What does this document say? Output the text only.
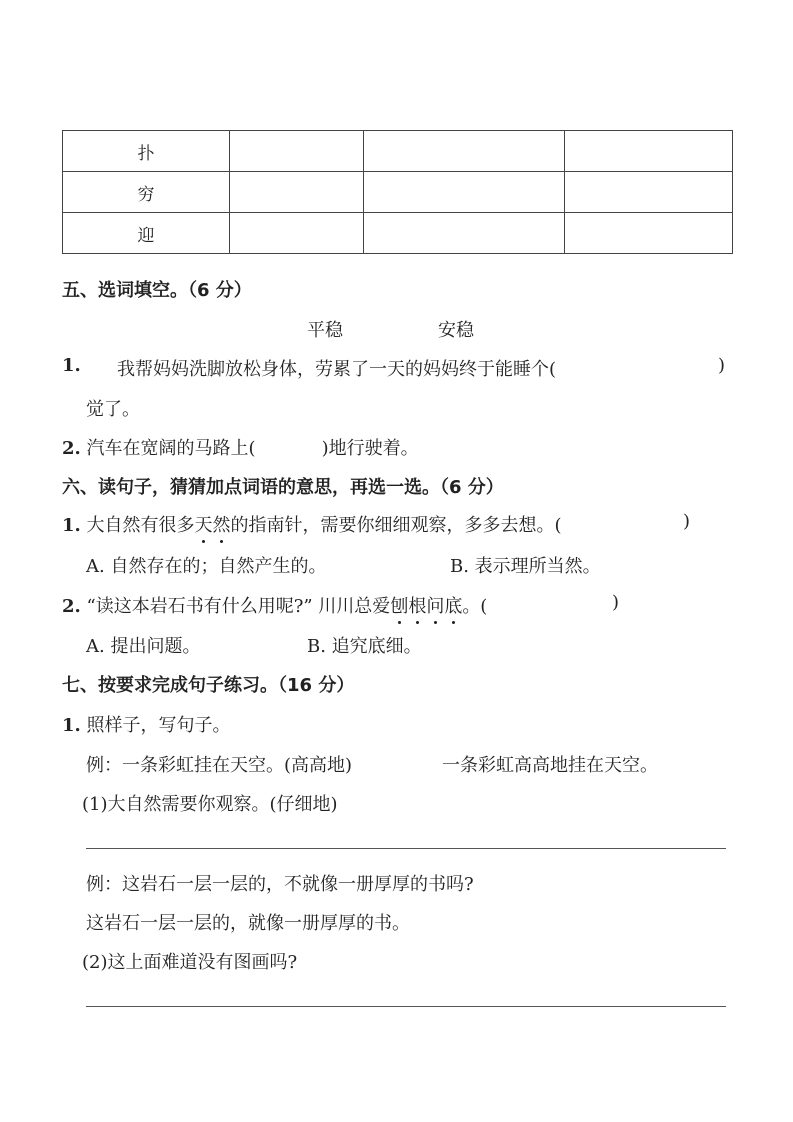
扑			
穷			
迎			
五、选词填空。（6 分）
平稳	安稳
1. 我帮妈妈洗脚放松身体，劳累了一天的妈妈终于能睡个(	)
觉了。
2. 汽车在宽阔的马路上(	)地行驶着。
六、读句子，猜猜加点词语的意思，再选一选。（6 分）
1. 大自然有很多天然的指南针，需要你细细观察，多多去想。(	)
A. 自然存在的；自然产生的。	B. 表示理所当然。
2. “读这本岩石书有什么用呢?” 川川总爱刨根问底。(	)
A. 提出问题。	B. 追究底细。
七、按要求完成句子练习。（16 分）
1. 照样子，写句子。
例：一条彩虹挂在天空。(高高地)	一条彩虹高高地挂在天空。
(1)大自然需要你观察。(仔细地)
例：这岩石一层一层的，不就像一册厚厚的书吗?
这岩石一层一层的，就像一册厚厚的书。
(2)这上面难道没有图画吗?
